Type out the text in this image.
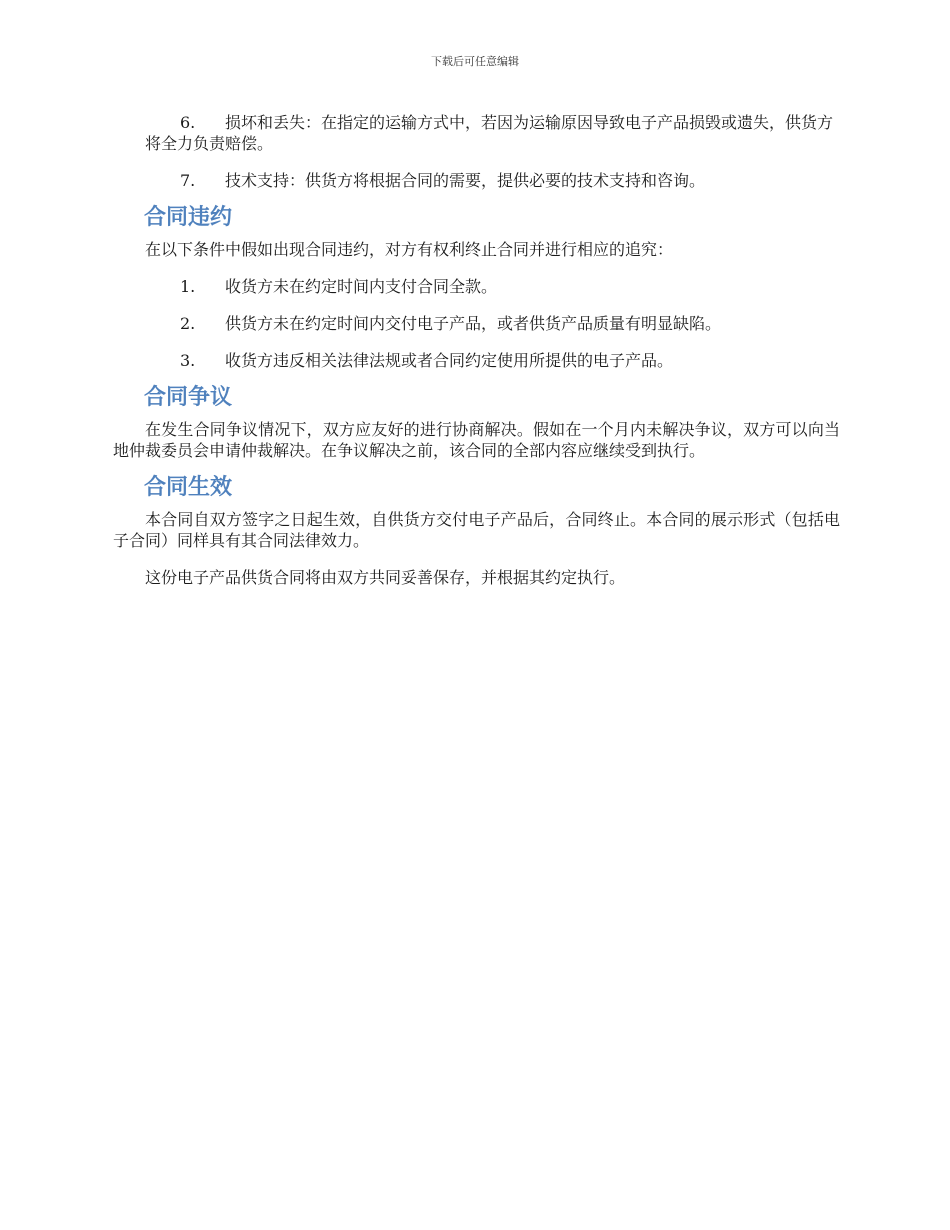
下载后可任意编辑
6.	损坏和丢失：在指定的运输方式中，若因为运输原因导致电子产品损毁或遗失，供货方将全力负责赔偿。
7.	技术支持：供货方将根据合同的需要，提供必要的技术支持和咨询。
合同违约
在以下条件中假如出现合同违约，对方有权利终止合同并进行相应的追究：
1.	收货方未在约定时间内支付合同全款。
2.	供货方未在约定时间内交付电子产品，或者供货产品质量有明显缺陷。
3.	收货方违反相关法律法规或者合同约定使用所提供的电子产品。
合同争议
在发生合同争议情况下，双方应友好的进行协商解决。假如在一个月内未解决争议，双方可以向当地仲裁委员会申请仲裁解决。在争议解决之前，该合同的全部内容应继续受到执行。
合同生效
本合同自双方签字之日起生效，自供货方交付电子产品后，合同终止。本合同的展示形式（包括电子合同）同样具有其合同法律效力。
这份电子产品供货合同将由双方共同妥善保存，并根据其约定执行。
